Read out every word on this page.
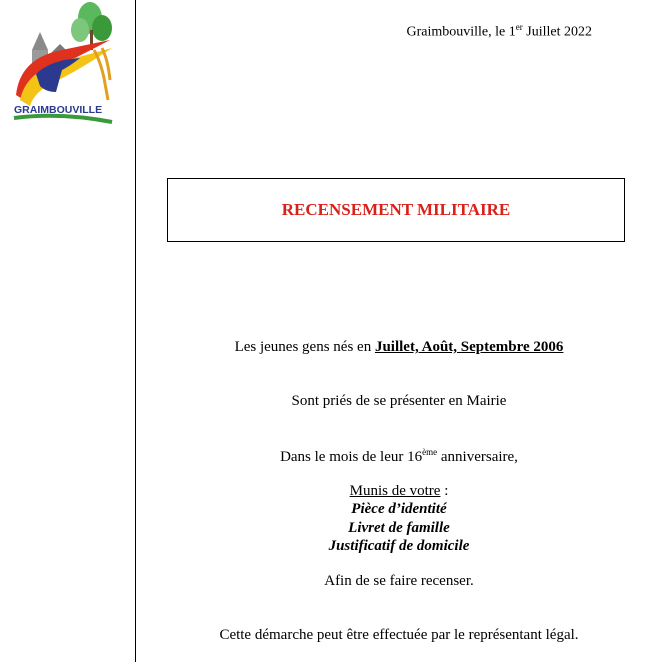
GRAIMBOUVILLE
Graimbouville, le 1er Juillet 2022
RECENSEMENT MILITAIRE
Les jeunes gens nés en Juillet, Août, Septembre 2006
Sont priés de se présenter en Mairie
Dans le mois de leur 16ème anniversaire,
Munis de votre :
Pièce d’identité
Livret de famille
Justificatif de domicile
Afin de se faire recenser.
Cette démarche peut être effectuée par le représentant légal.
